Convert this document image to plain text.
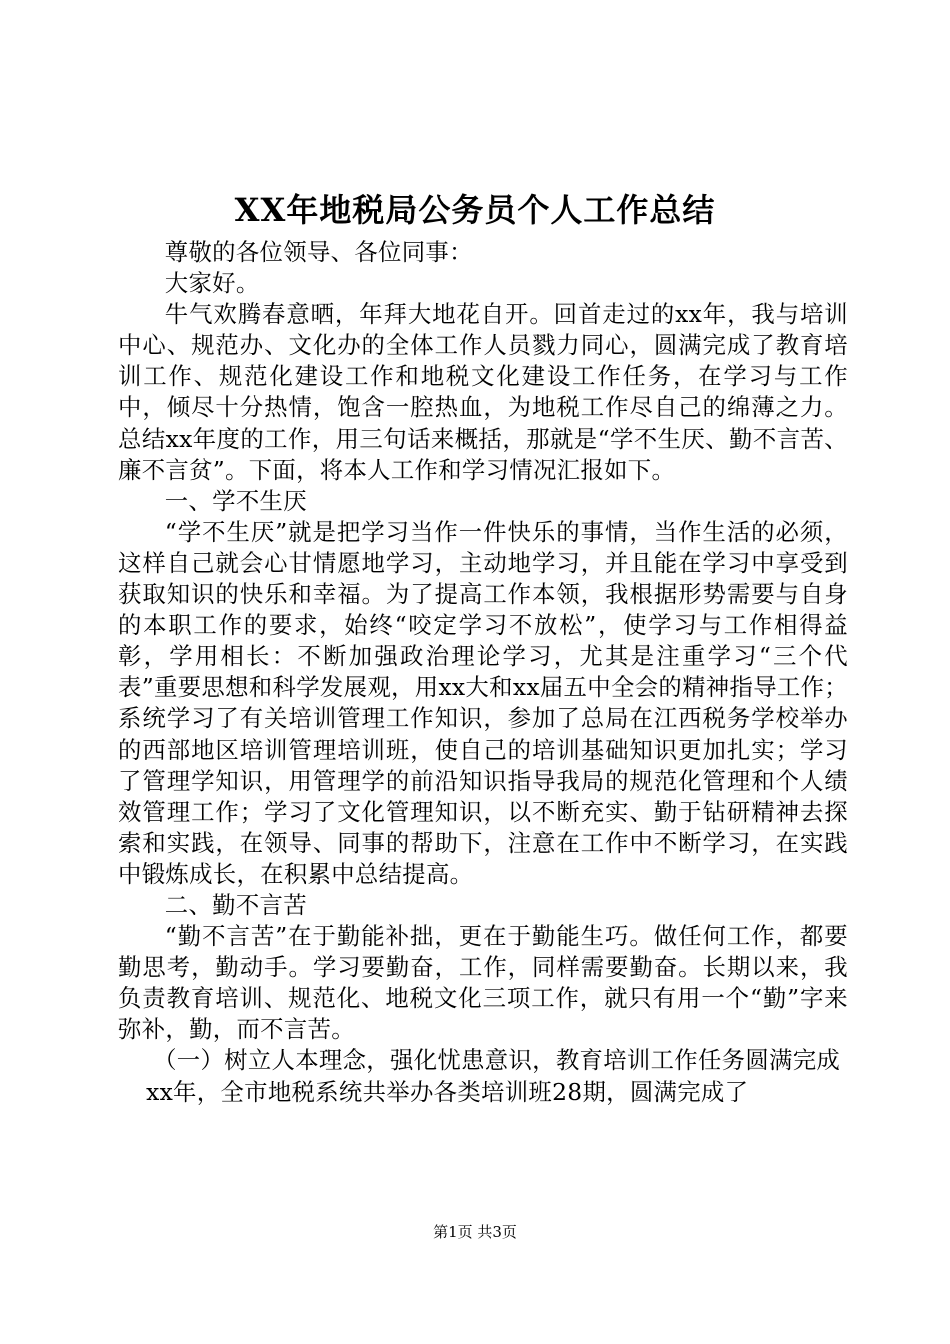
XX年地税局公务员个人工作总结

尊敬的各位领导、各位同事：

大家好。

牛气欢腾春意晒，年拜大地花自开。回首走过的xx年，我与培训中心、规范办、文化办的全体工作人员戮力同心，圆满完成了教育培训工作、规范化建设工作和地税文化建设工作任务，在学习与工作中，倾尽十分热情，饱含一腔热血，为地税工作尽自己的绵薄之力。总结xx年度的工作，用三句话来概括，那就是“学不生厌、勤不言苦、廉不言贫”。下面，将本人工作和学习情况汇报如下。

一、学不生厌

“学不生厌”就是把学习当作一件快乐的事情，当作生活的必须，这样自己就会心甘情愿地学习，主动地学习，并且能在学习中享受到获取知识的快乐和幸福。为了提高工作本领，我根据形势需要与自身的本职工作的要求，始终“咬定学习不放松”，使学习与工作相得益彰，学用相长：不断加强政治理论学习，尤其是注重学习“三个代表”重要思想和科学发展观，用xx大和xx届五中全会的精神指导工作；系统学习了有关培训管理工作知识，参加了总局在江西税务学校举办的西部地区培训管理培训班，使自己的培训基础知识更加扎实；学习了管理学知识，用管理学的前沿知识指导我局的规范化管理和个人绩效管理工作；学习了文化管理知识，以不断充实、勤于钻研精神去探索和实践，在领导、同事的帮助下，注意在工作中不断学习，在实践中锻炼成长，在积累中总结提高。

二、勤不言苦

“勤不言苦”在于勤能补拙，更在于勤能生巧。做任何工作，都要勤思考，勤动手。学习要勤奋，工作，同样需要勤奋。长期以来，我负责教育培训、规范化、地税文化三项工作，就只有用一个“勤”字来弥补，勤，而不言苦。

（一）树立人本理念，强化忧患意识，教育培训工作任务圆满完成

xx年，全市地税系统共举办各类培训班28期，圆满完成了

第1页 共3页
